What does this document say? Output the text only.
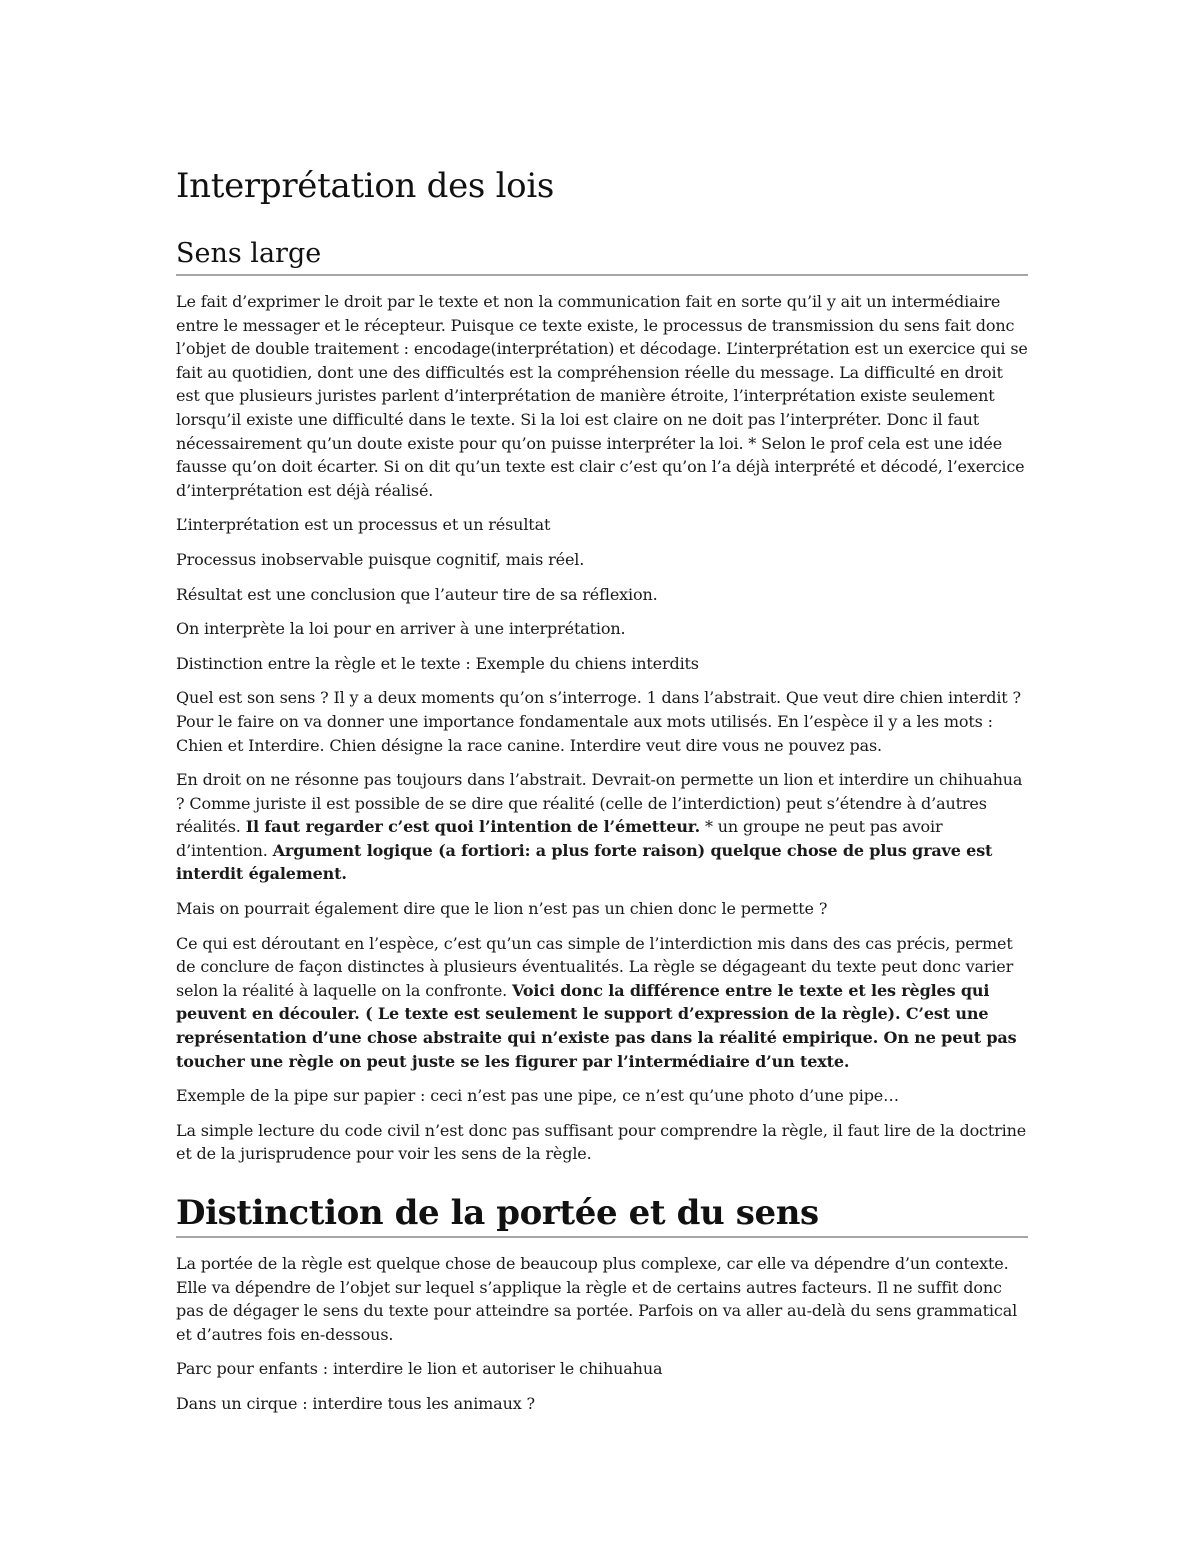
Interprétation des lois
Sens large

Le fait d’exprimer le droit par le texte et non la communication fait en sorte qu’il y ait un intermédiaire entre le messager et le récepteur. Puisque ce texte existe, le processus de transmission du sens fait donc l’objet de double traitement : encodage(interprétation) et décodage. L’interprétation est un exercice qui se fait au quotidien, dont une des difficultés est la compréhension réelle du message. La difficulté en droit est que plusieurs juristes parlent d’interprétation de manière étroite, l’interprétation existe seulement lorsqu’il existe une difficulté dans le texte. Si la loi est claire on ne doit pas l’interpréter. Donc il faut nécessairement qu’un doute existe pour qu’on puisse interpréter la loi. * Selon le prof cela est une idée fausse qu’on doit écarter. Si on dit qu’un texte est clair c’est qu’on l’a déjà interprété et décodé, l’exercice d’interprétation est déjà réalisé.

L’interprétation est un processus et un résultat

Processus inobservable puisque cognitif, mais réel.

Résultat est une conclusion que l’auteur tire de sa réflexion.

On interprète la loi pour en arriver à une interprétation.

Distinction entre la règle et le texte : Exemple du chiens interdits

Quel est son sens ? Il y a deux moments qu’on s’interroge. 1 dans l’abstrait. Que veut dire chien interdit ? Pour le faire on va donner une importance fondamentale aux mots utilisés. En l’espèce il y a les mots : Chien et Interdire. Chien désigne la race canine. Interdire veut dire vous ne pouvez pas.

En droit on ne résonne pas toujours dans l’abstrait. Devrait-on permette un lion et interdire un chihuahua ? Comme juriste il est possible de se dire que réalité (celle de l’interdiction) peut s’étendre à d’autres réalités. Il faut regarder c’est quoi l’intention de l’émetteur. * un groupe ne peut pas avoir d’intention. Argument logique (a fortiori: a plus forte raison) quelque chose de plus grave est interdit également.

Mais on pourrait également dire que le lion n’est pas un chien donc le permette ?

Ce qui est déroutant en l’espèce, c’est qu’un cas simple de l’interdiction mis dans des cas précis, permet de conclure de façon distinctes à plusieurs éventualités. La règle se dégageant du texte peut donc varier selon la réalité à laquelle on la confronte. Voici donc la différence entre le texte et les règles qui peuvent en découler. ( Le texte est seulement le support d’expression de la règle). C’est une représentation d’une chose abstraite qui n’existe pas dans la réalité empirique. On ne peut pas toucher une règle on peut juste se les figurer par l’intermédiaire d’un texte.

Exemple de la pipe sur papier : ceci n’est pas une pipe, ce n’est qu’une photo d’une pipe…

La simple lecture du code civil n’est donc pas suffisant pour comprendre la règle, il faut lire de la doctrine et de la jurisprudence pour voir les sens de la règle.

Distinction de la portée et du sens

La portée de la règle est quelque chose de beaucoup plus complexe, car elle va dépendre d’un contexte. Elle va dépendre de l’objet sur lequel s’applique la règle et de certains autres facteurs. Il ne suffit donc pas de dégager le sens du texte pour atteindre sa portée. Parfois on va aller au-delà du sens grammatical et d’autres fois en-dessous.

Parc pour enfants : interdire le lion et autoriser le chihuahua

Dans un cirque : interdire tous les animaux ?
